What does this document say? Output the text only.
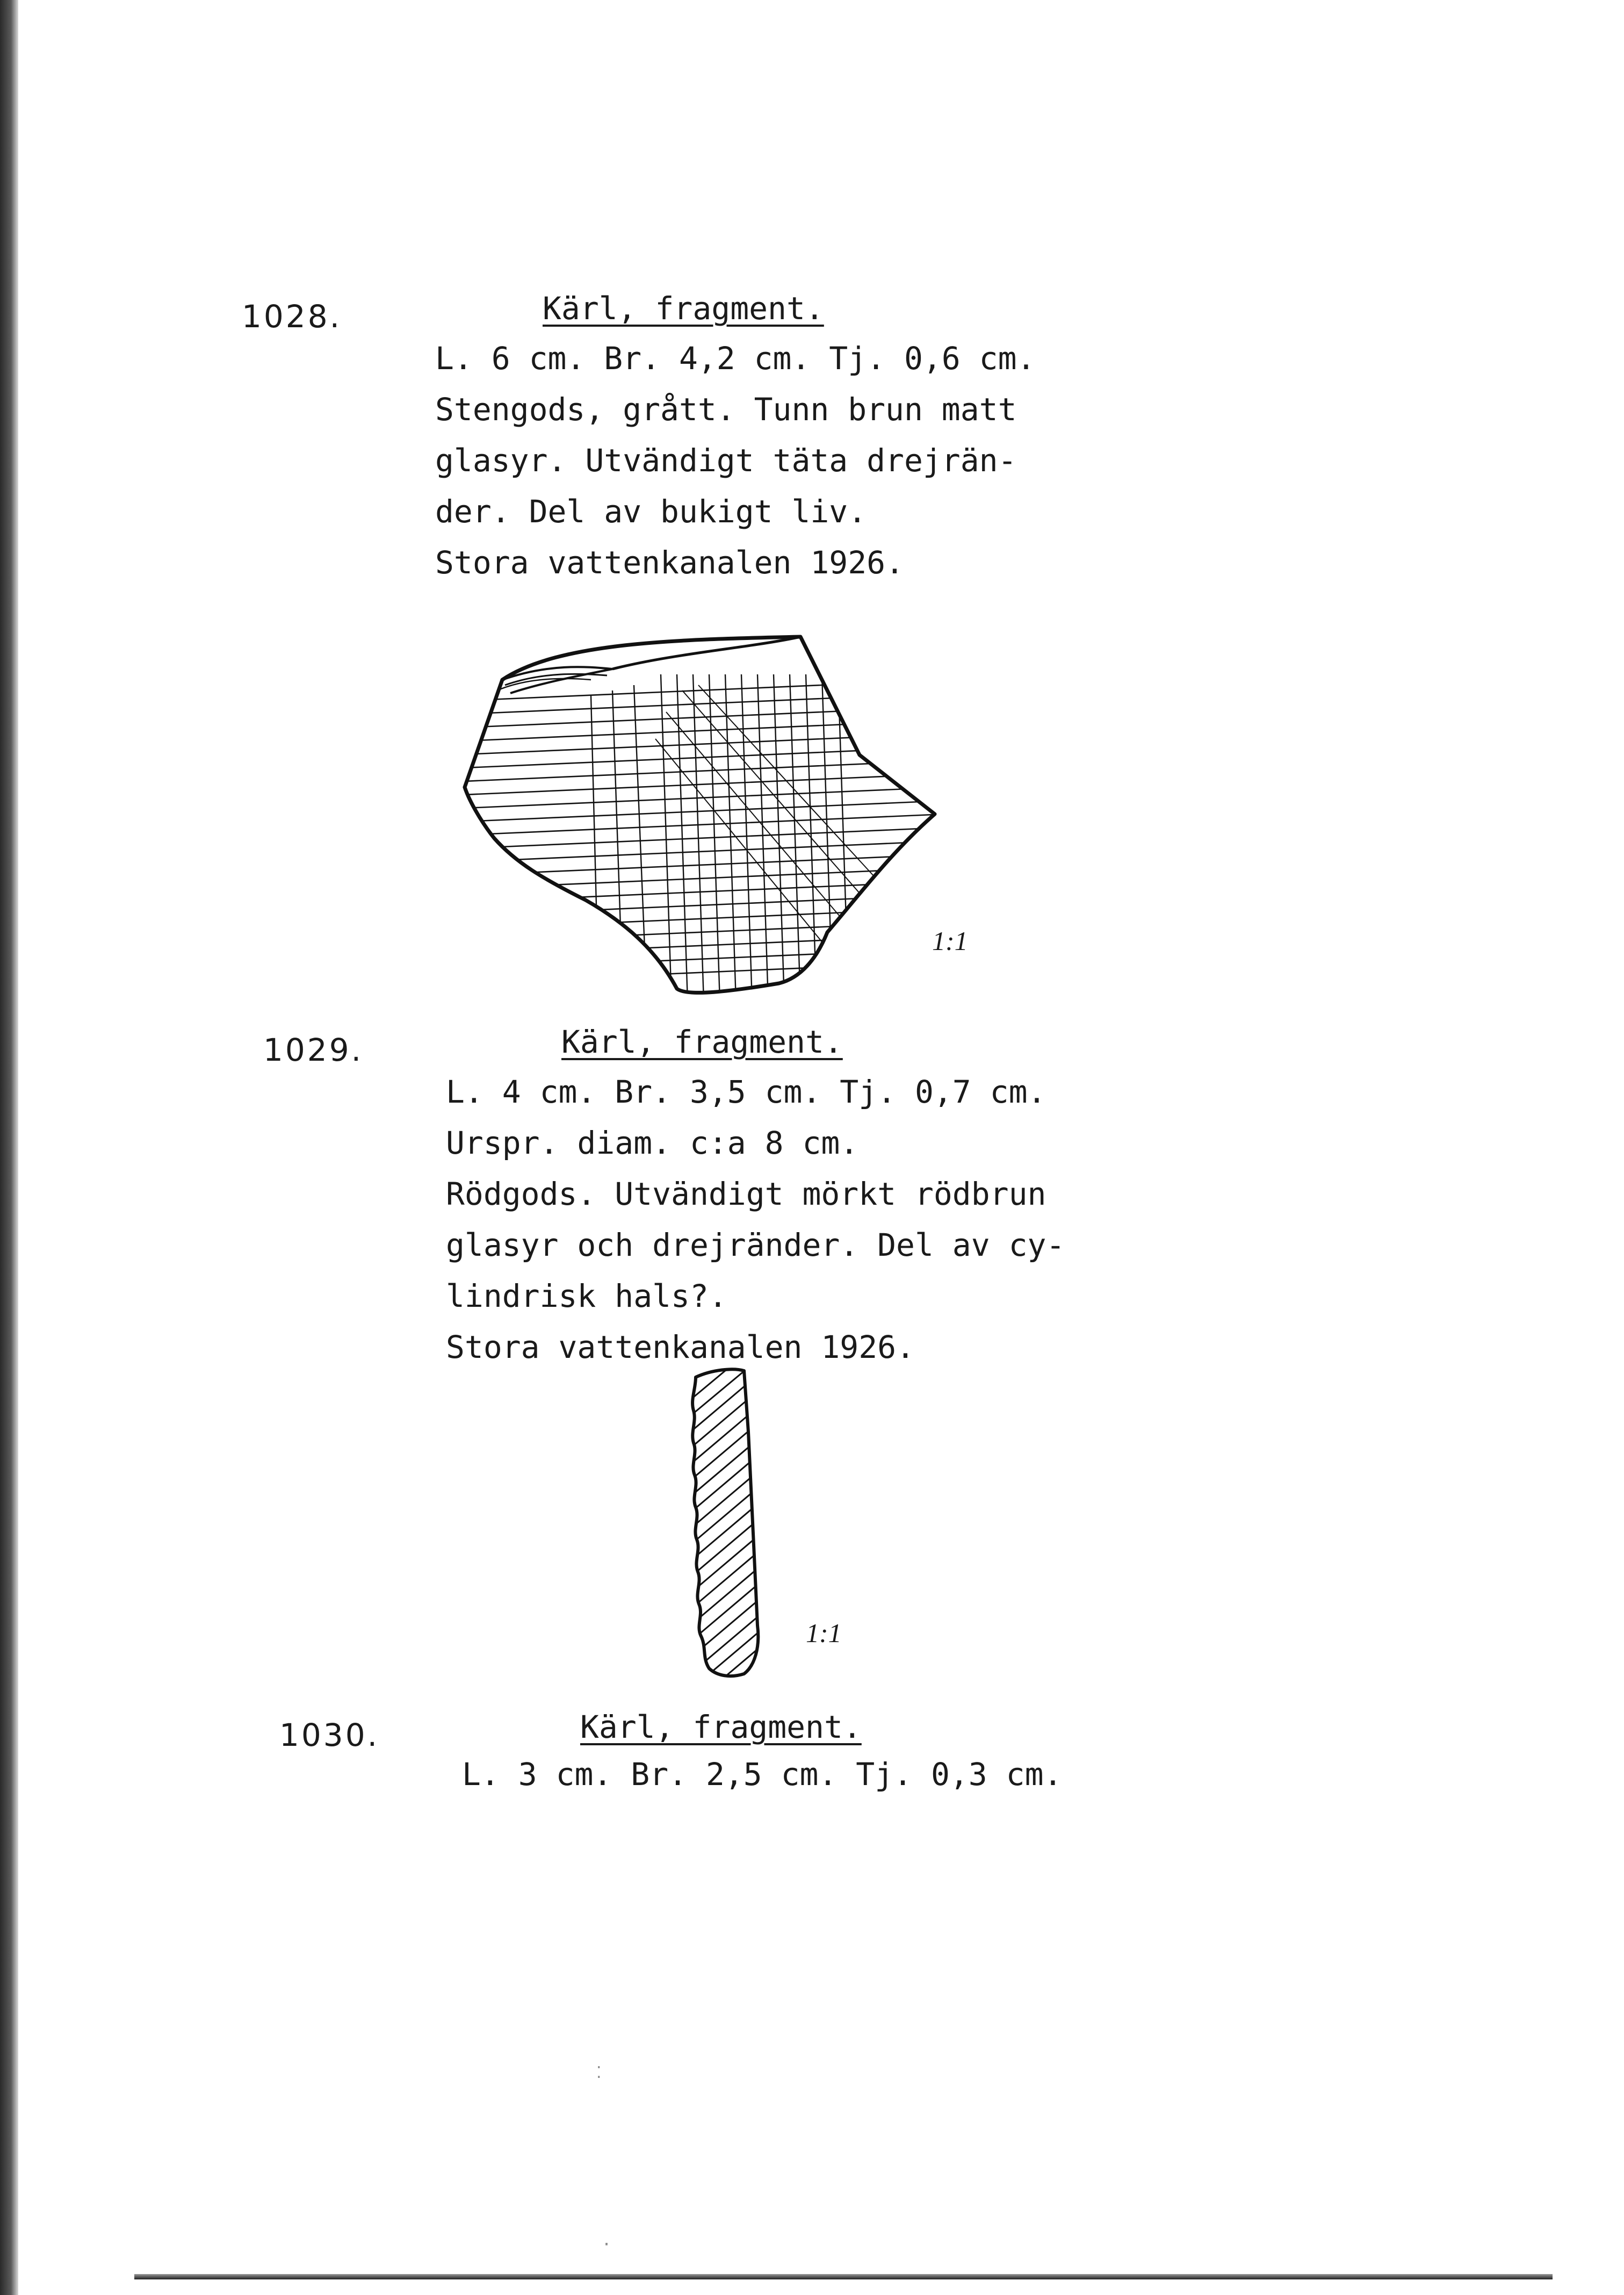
1028.	Kärl, fragment.
L. 6 cm. Br. 4,2 cm. Tj. 0,6 cm.
Stengods, grått. Tunn brun matt
glasyr. Utvändigt täta drejrän-
der. Del av bukigt liv.
Stora vattenkanalen 1926.
1:1
1029.	Kärl, fragment.
L. 4 cm. Br. 3,5 cm. Tj. 0,7 cm.
Urspr. diam. c:a 8 cm.
Rödgods. Utvändigt mörkt rödbrun
glasyr och drejränder. Del av cy-
lindrisk hals?.
Stora vattenkanalen 1926.
1:1
1030.	Kärl, fragment.
L. 3 cm. Br. 2,5 cm. Tj. 0,3 cm.
⁚
·
